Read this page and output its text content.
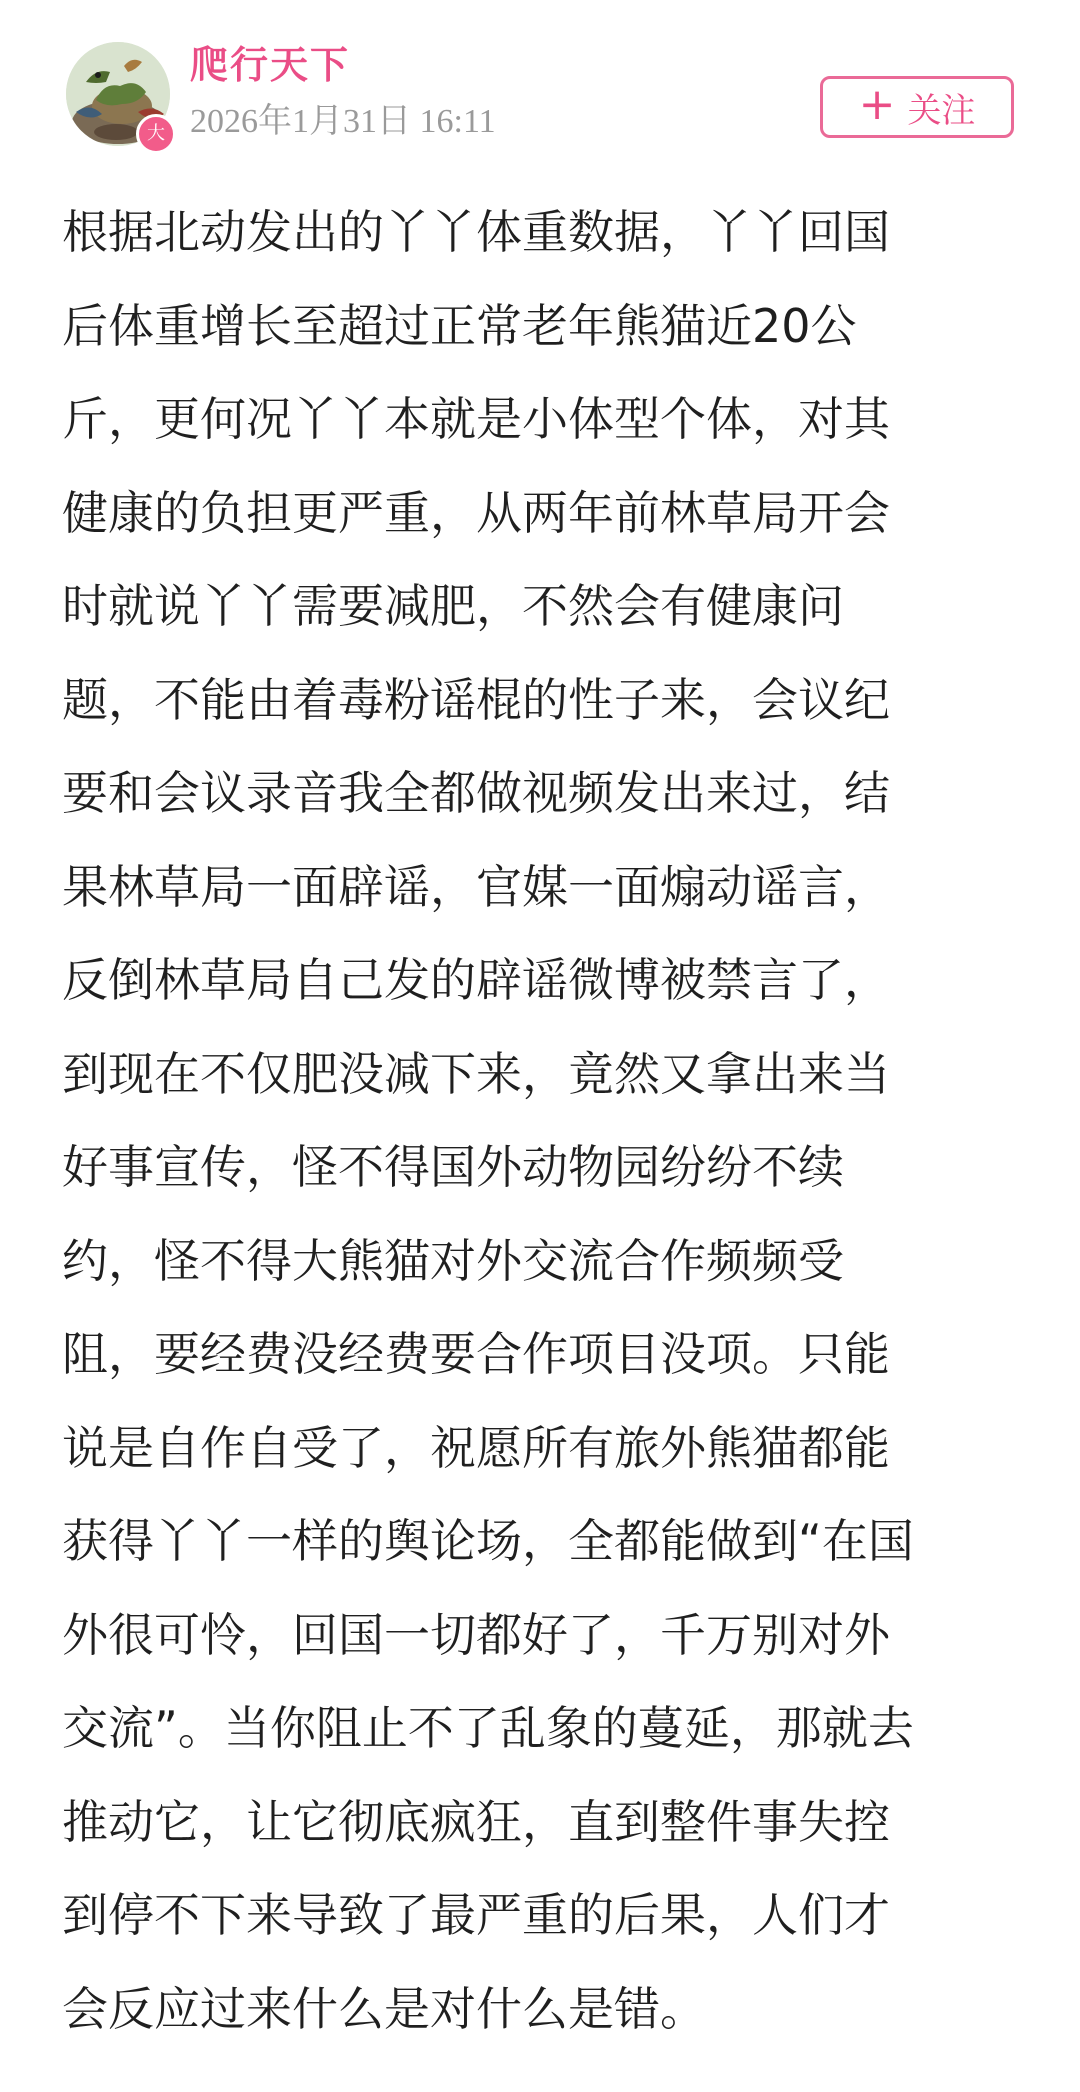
大
爬行天下
2026年1月31日 16:11	+ 关注
根据北动发出的丫丫体重数据，丫丫回国
后体重增长至超过正常老年熊猫近20公
斤，更何况丫丫本就是小体型个体，对其
健康的负担更严重，从两年前林草局开会
时就说丫丫需要减肥，不然会有健康问
题，不能由着毒粉谣棍的性子来，会议纪
要和会议录音我全都做视频发出来过，结
果林草局一面辟谣，官媒一面煽动谣言，
反倒林草局自己发的辟谣微博被禁言了，
到现在不仅肥没减下来，竟然又拿出来当
好事宣传，怪不得国外动物园纷纷不续
约，怪不得大熊猫对外交流合作频频受
阻，要经费没经费要合作项目没项。只能
说是自作自受了，祝愿所有旅外熊猫都能
获得丫丫一样的舆论场，全都能做到“在国
外很可怜，回国一切都好了，千万别对外
交流”。当你阻止不了乱象的蔓延，那就去
推动它，让它彻底疯狂，直到整件事失控
到停不下来导致了最严重的后果，人们才
会反应过来什么是对什么是错。
